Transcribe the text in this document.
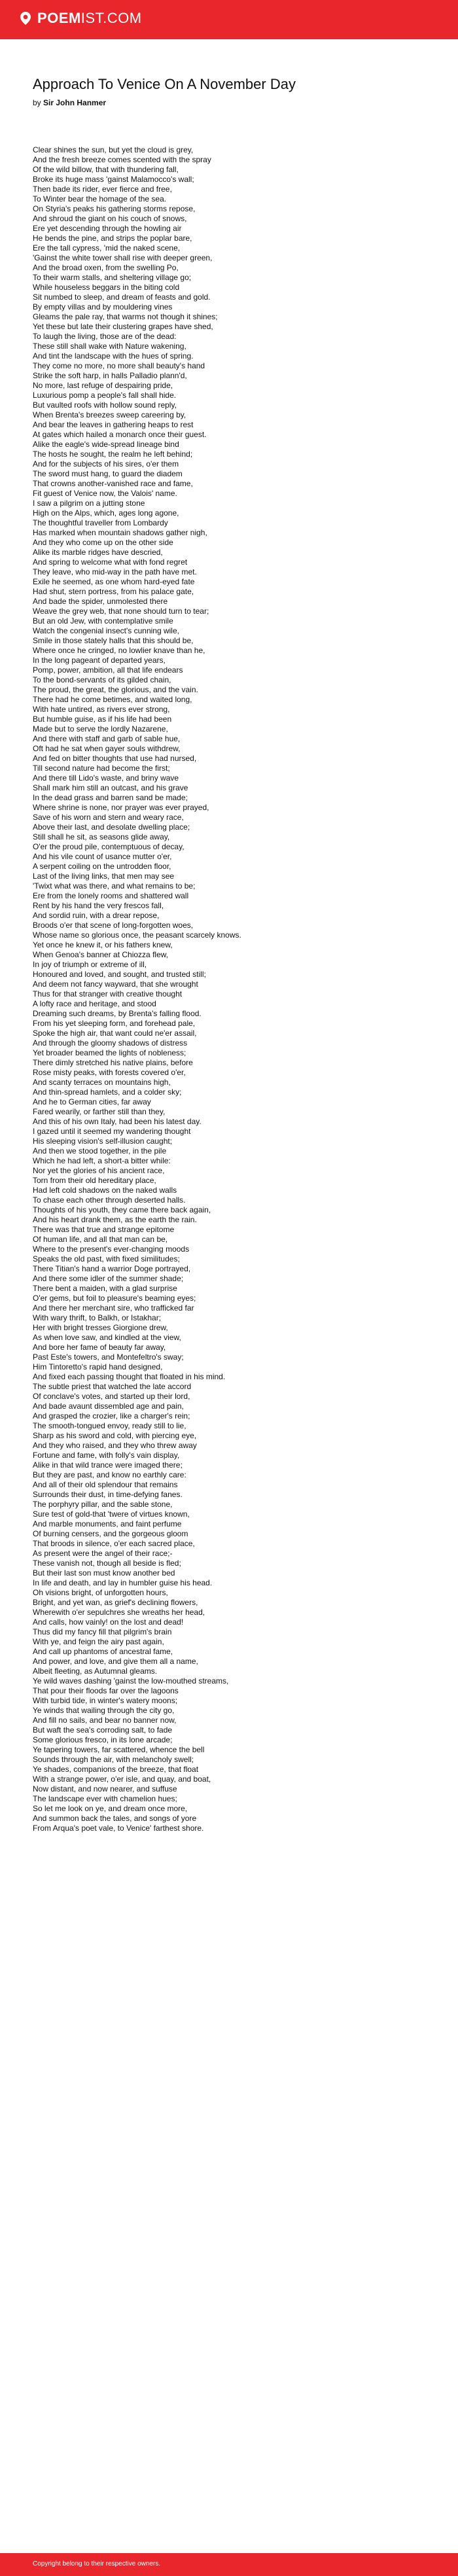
POEM IST.COM
Approach To Venice On A November Day
by Sir John Hanmer
Clear shines the sun, but yet the cloud is grey,
And the fresh breeze comes scented with the spray
Of the wild billow, that with thundering fall,
Broke its huge mass 'gainst Malamocco's wall;
Then bade its rider, ever fierce and free,
To Winter bear the homage of the sea.
On Styria's peaks his gathering storms repose,
And shroud the giant on his couch of snows,
Ere yet descending through the howling air
He bends the pine, and strips the poplar bare,
Ere the tall cypress, 'mid the naked scene,
'Gainst the white tower shall rise with deeper green,
And the broad oxen, from the swelling Po,
To their warm stalls, and sheltering village go;
While houseless beggars in the biting cold
Sit numbed to sleep, and dream of feasts and gold.
By empty villas and by mouldering vines
Gleams the pale ray, that warms not though it shines;
Yet these but late their clustering grapes have shed,
To laugh the living, those are of the dead:
These still shall wake with Nature wakening,
And tint the landscape with the hues of spring.
They come no more, no more shall beauty's hand
Strike the soft harp, in halls Palladio plann'd,
No more, last refuge of despairing pride,
Luxurious pomp a people's fall shall hide.
But vaulted roofs with hollow sound reply,
When Brenta's breezes sweep careering by,
And bear the leaves in gathering heaps to rest
At gates which hailed a monarch once their guest.
Alike the eagle's wide-spread lineage bind
The hosts he sought, the realm he left behind;
And for the subjects of his sires, o'er them
The sword must hang, to guard the diadem
That crowns another-vanished race and fame,
Fit guest of Venice now, the Valois' name.
I saw a pilgrim on a jutting stone
High on the Alps, which, ages long agone,
The thoughtful traveller from Lombardy
Has marked when mountain shadows gather nigh,
And they who come up on the other side
Alike its marble ridges have descried,
And spring to welcome what with fond regret
They leave, who mid-way in the path have met.
Exile he seemed, as one whom hard-eyed fate
Had shut, stern portress, from his palace gate,
And bade the spider, unmolested there
Weave the grey web, that none should turn to tear;
But an old Jew, with contemplative smile
Watch the congenial insect's cunning wile,
Smile in those stately halls that this should be,
Where once he cringed, no lowlier knave than he,
In the long pageant of departed years,
Pomp, power, ambition, all that life endears
To the bond-servants of its gilded chain,
The proud, the great, the glorious, and the vain.
There had he come betimes, and waited long,
With hate untired, as rivers ever strong,
But humble guise, as if his life had been
Made but to serve the lordly Nazarene,
And there with staff and garb of sable hue,
Oft had he sat when gayer souls withdrew,
And fed on bitter thoughts that use had nursed,
Till second nature had become the first;
And there till Lido's waste, and briny wave
Shall mark him still an outcast, and his grave
In the dead grass and barren sand be made;
Where shrine is none, nor prayer was ever prayed,
Save of his worn and stern and weary race,
Above their last, and desolate dwelling place;
Still shall he sit, as seasons glide away,
O'er the proud pile, contemptuous of decay,
And his vile count of usance mutter o'er,
A serpent coiling on the untrodden floor,
Last of the living links, that men may see
'Twixt what was there, and what remains to be;
Ere from the lonely rooms and shattered wall
Rent by his hand the very frescos fall,
And sordid ruin, with a drear repose,
Broods o'er that scene of long-forgotten woes,
Whose name so glorious once, the peasant scarcely knows.
Yet once he knew it, or his fathers knew,
When Genoa's banner at Chiozza flew,
In joy of triumph or extreme of ill,
Honoured and loved, and sought, and trusted still;
And deem not fancy wayward, that she wrought
Thus for that stranger with creative thought
A lofty race and heritage, and stood
Dreaming such dreams, by Brenta's falling flood.
From his yet sleeping form, and forehead pale,
Spoke the high air, that want could ne'er assail,
And through the gloomy shadows of distress
Yet broader beamed the lights of nobleness;
There dimly stretched his native plains, before
Rose misty peaks, with forests covered o'er,
And scanty terraces on mountains high,
And thin-spread hamlets, and a colder sky;
And he to German cities, far away
Fared wearily, or farther still than they,
And this of his own Italy, had been his latest day.
I gazed until it seemed my wandering thought
His sleeping vision's self-illusion caught;
And then we stood together, in the pile
Which he had left, a short-a bitter while:
Nor yet the glories of his ancient race,
Torn from their old hereditary place,
Had left cold shadows on the naked walls
To chase each other through deserted halls.
Thoughts of his youth, they came there back again,
And his heart drank them, as the earth the rain.
There was that true and strange epitome
Of human life, and all that man can be,
Where to the present's ever-changing moods
Speaks the old past, with fixed similitudes;
There Titian's hand a warrior Doge portrayed,
And there some idler of the summer shade;
There bent a maiden, with a glad surprise
O'er gems, but foil to pleasure's beaming eyes;
And there her merchant sire, who trafficked far
With wary thrift, to Balkh, or Istakhar;
Her with bright tresses Giorgione drew,
As when love saw, and kindled at the view,
And bore her fame of beauty far away,
Past Este's towers, and Montefeltro's sway;
Him Tintoretto's rapid hand designed,
And fixed each passing thought that floated in his mind.
The subtle priest that watched the late accord
Of conclave's votes, and started up their lord,
And bade avaunt dissembled age and pain,
And grasped the crozier, like a charger's rein;
The smooth-tongued envoy, ready still to lie,
Sharp as his sword and cold, with piercing eye,
And they who raised, and they who threw away
Fortune and fame, with folly's vain display,
Alike in that wild trance were imaged there;
But they are past, and know no earthly care:
And all of their old splendour that remains
Surrounds their dust, in time-defying fanes.
The porphyry pillar, and the sable stone,
Sure test of gold-that 'twere of virtues known,
And marble monuments, and faint perfume
Of burning censers, and the gorgeous gloom
That broods in silence, o'er each sacred place,
As present were the angel of their race;-
These vanish not, though all beside is fled;
But their last son must know another bed
In life and death, and lay in humbler guise his head.
Oh visions bright, of unforgotten hours,
Bright, and yet wan, as grief's declining flowers,
Wherewith o'er sepulchres she wreaths her head,
And calls, how vainly! on the lost and dead!
Thus did my fancy fill that pilgrim's brain
With ye, and feign the airy past again,
And call up phantoms of ancestral fame,
And power, and love, and give them all a name,
Albeit fleeting, as Autumnal gleams.
Ye wild waves dashing 'gainst the low-mouthed streams,
That pour their floods far over the lagoons
With turbid tide, in winter's watery moons;
Ye winds that wailing through the city go,
And fill no sails, and bear no banner now,
But waft the sea's corroding salt, to fade
Some glorious fresco, in its lone arcade;
Ye tapering towers, far scattered, whence the bell
Sounds through the air, with melancholy swell;
Ye shades, companions of the breeze, that float
With a strange power, o'er isle, and quay, and boat,
Now distant, and now nearer, and suffuse
The landscape ever with chamelion hues;
So let me look on ye, and dream once more,
And summon back the tales, and songs of yore
From Arqua's poet vale, to Venice' farthest shore.
Copyright belong to their respective owners.
